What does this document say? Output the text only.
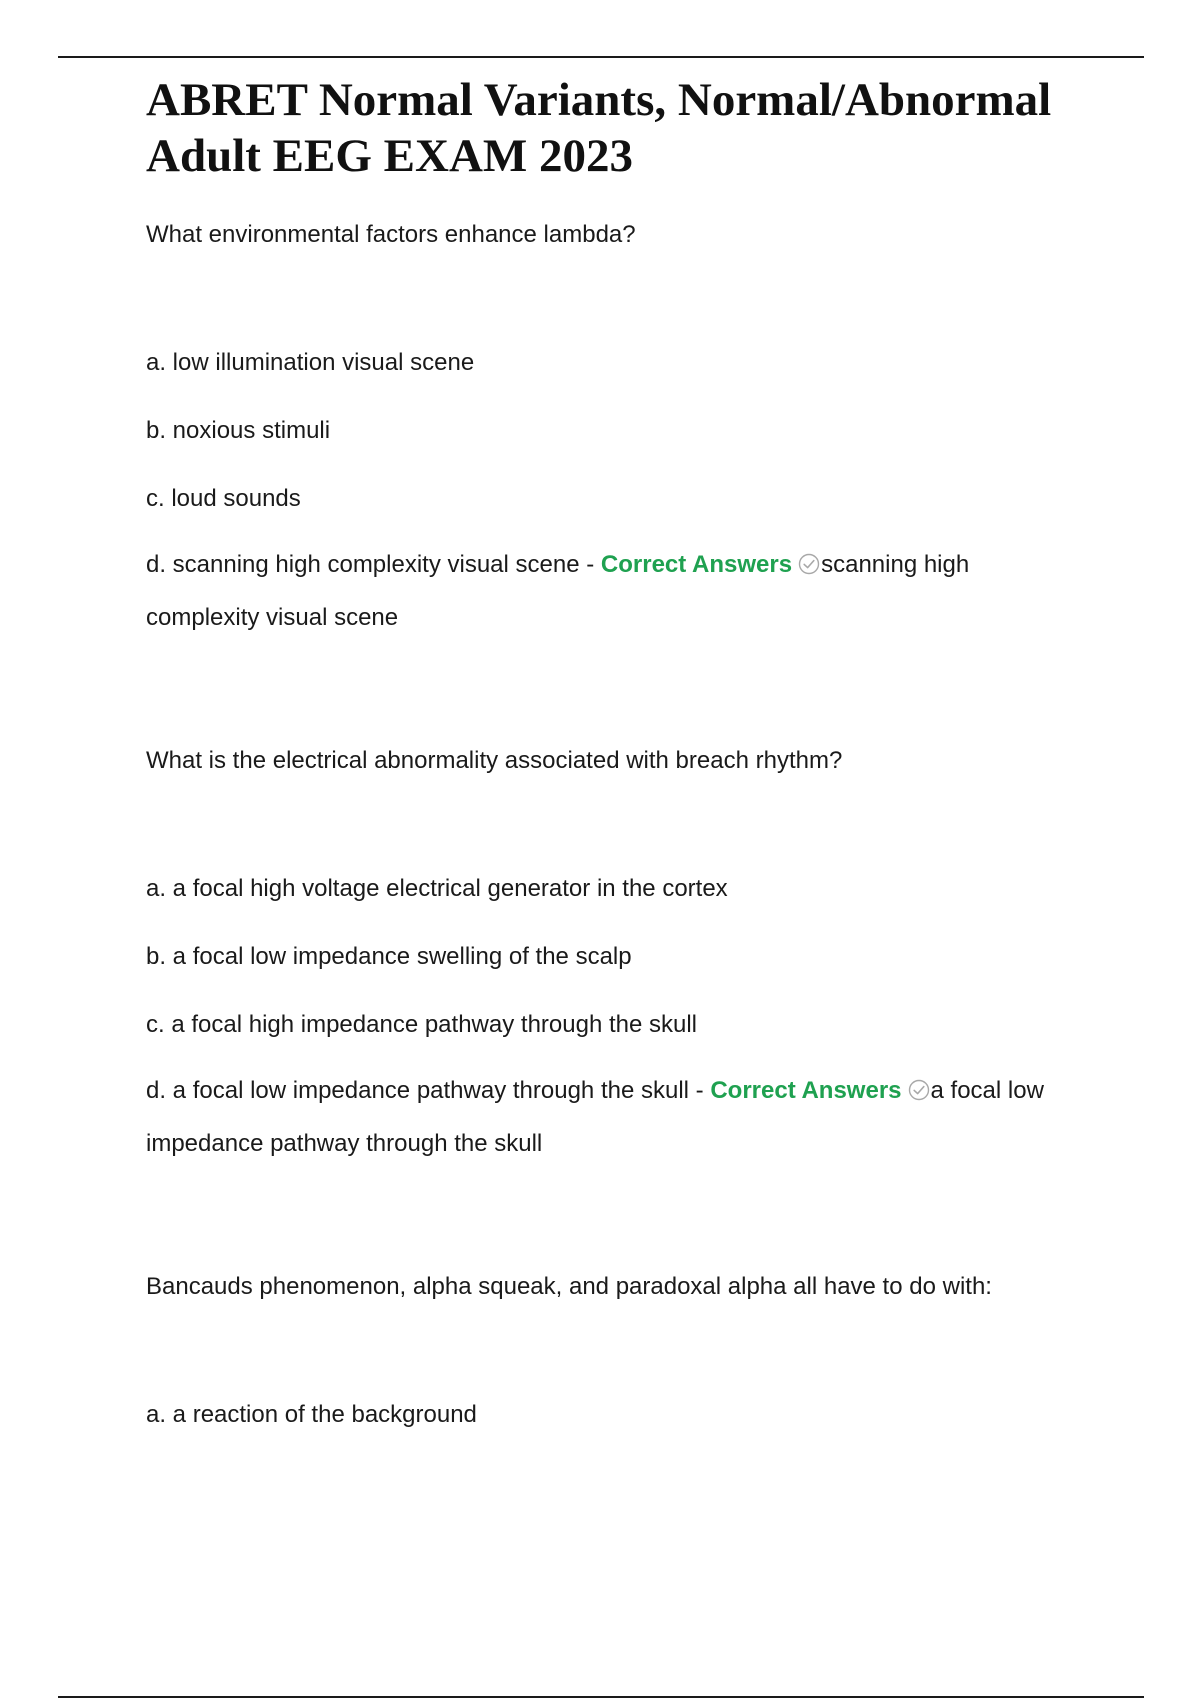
ABRET Normal Variants, Normal/Abnormal Adult EEG EXAM 2023

What environmental factors enhance lambda?

a. low illumination visual scene

b. noxious stimuli

c. loud sounds

d. scanning high complexity visual scene - Correct Answers scanning high complexity visual scene

What is the electrical abnormality associated with breach rhythm?

a. a focal high voltage electrical generator in the cortex

b. a focal low impedance swelling of the scalp

c. a focal high impedance pathway through the skull

d. a focal low impedance pathway through the skull - Correct Answers a focal low impedance pathway through the skull

Bancauds phenomenon, alpha squeak, and paradoxal alpha all have to do with:

a. a reaction of the background
